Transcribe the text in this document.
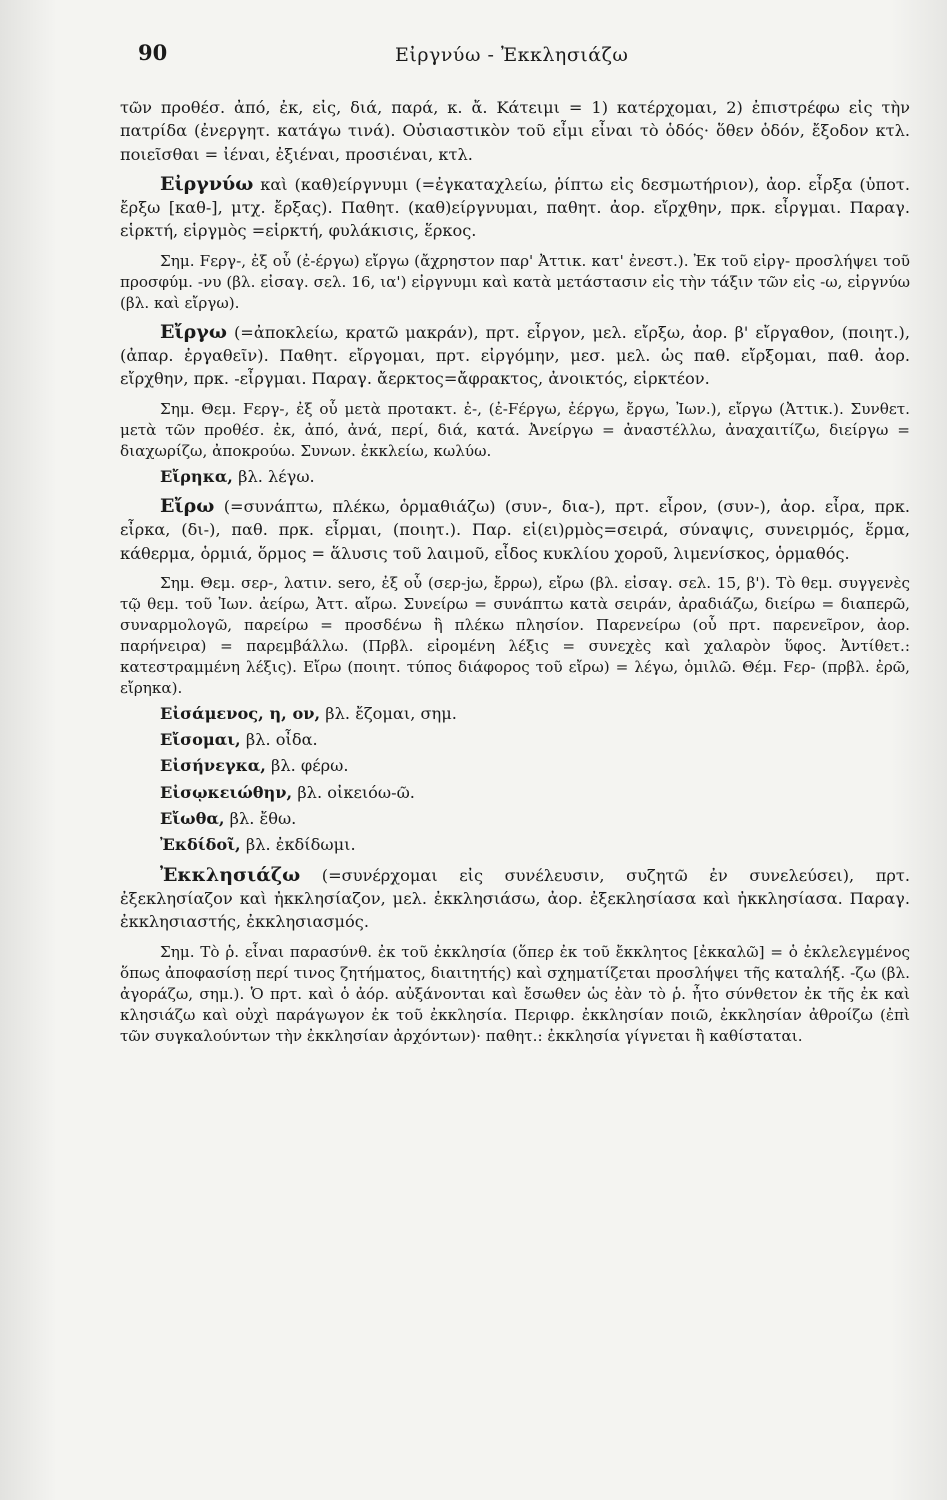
90	Εἰργνύω - Ἐκκλησιάζω

τῶν προθέσ. ἀπό, ἐκ, εἰς, διά, παρά, κ. ἄ. Κάτειμι = 1) κατέρχομαι, 2) ἐπιστρέφω εἰς τὴν πατρίδα (ἐνεργητ. κατάγω τινά). Οὐσιαστικὸν τοῦ εἶμι εἶναι τὸ ὁδός· ὅθεν ὁδόν, ἔξοδον κτλ. ποιεῖσθαι = ἰέναι, ἐξιέναι, προσιέναι, κτλ.

Εἰργνύω καὶ (καθ)είργνυμι (=ἐγκαταχλείω, ῥίπτω εἰς δεσμωτήριον), ἀορ. εἶρξα (ὑποτ. ἔρξω [καθ-], μτχ. ἔρξας). Παθητ. (καθ)είργνυμαι, παθητ. ἀορ. εἴρχθην, πρκ. εἶργμαι. Παραγ. εἱρκτή, εἱργμὸς =εἱρκτή, φυλάκισις, ἕρκος.

Σημ. Fεργ-, ἐξ οὗ (ἐ-έργω) εἴργω (ἄχρηστον παρ' Ἀττικ. κατ' ἐνεστ.). Ἐκ τοῦ εἰργ- προσλήψει τοῦ προσφύμ. -νυ (βλ. εἰσαγ. σελ. 16, ια') εἰργνυμι καὶ κατὰ μετάστασιν εἰς τὴν τάξιν τῶν εἰς -ω, εἰργνύω (βλ. καὶ εἴργω).

Εἴργω (=ἀποκλείω, κρατῶ μακράν), πρτ. εἶργον, μελ. εἴρξω, ἀορ. β' εἴργαθον, (ποιητ.), (ἀπαρ. ἐργαθεῖν). Παθητ. εἴργομαι, πρτ. εἰργόμην, μεσ. μελ. ὡς παθ. εἴρξομαι, παθ. ἀορ. εἴρχθην, πρκ. -εἶργμαι. Παραγ. ἄερκτος=ἄφρακτος, ἀνοικτός, εἱρκτέον.

Σημ. Θεμ. Fεργ-, ἐξ οὗ μετὰ προτακτ. ἐ-, (ἐ-Fέργω, ἐέργω, ἔργω, Ἰων.), εἴργω (Ἀττικ.). Συνθετ. μετὰ τῶν προθέσ. ἐκ, ἀπό, ἀνά, περί, διά, κατά. Ἀνείργω = ἀναστέλλω, ἀναχαιτίζω, διείργω = διαχωρίζω, ἀποκρούω. Συνων. ἐκκλείω, κωλύω.

Εἴρηκα, βλ. λέγω.

Εἴρω (=συνάπτω, πλέκω, ὁρμαθιάζω) (συν-, δια-), πρτ. εἶρον, (συν-), ἀορ. εἶρα, πρκ. εἶρκα, (δι-), παθ. πρκ. εἶρμαι, (ποιητ.). Παρ. εἱ(ει)ρμὸς=σειρά, σύναψις, συνειρμός, ἕρμα, κάθερμα, ὁρμιά, ὅρμος = ἅλυσις τοῦ λαιμοῦ, εἶδος κυκλίου χοροῦ, λιμενίσκος, ὁρμαθός.

Σημ. Θεμ. σερ-, λατιν. sero, ἐξ οὗ (σερ-jω, ἔρρω), εἴρω (βλ. εἰσαγ. σελ. 15, β'). Τὸ θεμ. συγγενὲς τῷ θεμ. τοῦ Ἰων. ἀείρω, Ἀττ. αἴρω. Συνείρω = συνάπτω κατὰ σειράν, ἀραδιάζω, διείρω = διαπερῶ, συναρμολογῶ, παρείρω = προσδένω ἢ πλέκω πλησίον. Παρενείρω (οὗ πρτ. παρενεῖρον, ἀορ. παρήνειρα) = παρεμβάλλω. (Πρβλ. εἰρομένη λέξις = συνεχὲς καὶ χαλαρὸν ὕφος. Ἀντίθετ.: κατεστραμμένη λέξις). Εἴρω (ποιητ. τύπος διάφορος τοῦ εἴρω) = λέγω, ὁμιλῶ. Θέμ. Fερ- (πρβλ. ἐρῶ, εἴρηκα).

Εἰσάμενος, η, ον, βλ. ἔζομαι, σημ.

Εἴσομαι, βλ. οἶδα.

Εἰσήνεγκα, βλ. φέρω.

Εἰσῳκειώθην, βλ. οἰκειόω-ῶ.

Εἴωθα, βλ. ἔθω.

Ἐκδίδοῖ, βλ. ἐκδίδωμι.

Ἐκκλησιάζω (=συνέρχομαι εἰς συνέλευσιν, συζητῶ ἐν συνελεύσει), πρτ. ἐξεκλησίαζον καὶ ἠκκλησίαζον, μελ. ἐκκλησιάσω, ἀορ. ἐξεκλησίασα καὶ ἠκκλησίασα. Παραγ. ἐκκλησιαστής, ἐκκλησιασμός.

Σημ. Τὸ ῥ. εἶναι παρασύνθ. ἐκ τοῦ ἐκκλησία (ὅπερ ἐκ τοῦ ἔκκλητος [ἐκκαλῶ] = ὁ ἐκλελεγμένος ὅπως ἀποφασίσῃ περί τινος ζητήματος, διαιτητής) καὶ σχηματίζεται προσλήψει τῆς καταλήξ. -ζω (βλ. ἀγοράζω, σημ.). Ὁ πρτ. καὶ ὁ ἀόρ. αὐξάνονται καὶ ἔσωθεν ὡς ἐὰν τὸ ῥ. ἦτο σύνθετον ἐκ τῆς ἐκ καὶ κλησιάζω καὶ οὐχὶ παράγωγον ἐκ τοῦ ἐκκλησία. Περιφρ. ἐκκλησίαν ποιῶ, ἐκκλησίαν ἀθροίζω (ἐπὶ τῶν συγκαλούντων τὴν ἐκκλησίαν ἀρχόντων)· παθητ.: ἐκκλησία γίγνεται ἢ καθίσταται.
